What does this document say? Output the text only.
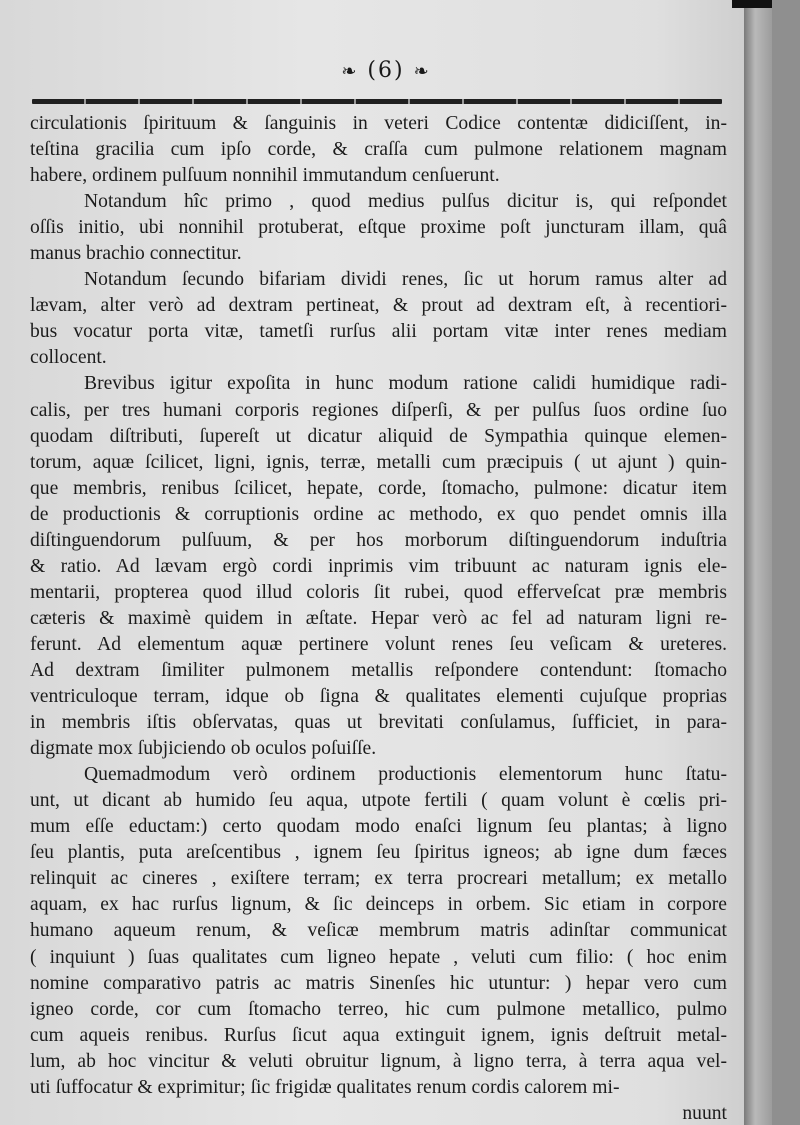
❧ (6) ❧
circulationis ſpirituum & ſanguinis in veteri Codice contentæ didiciſſent, in-
teſtina gracilia cum ipſo corde, & craſſa cum pulmone relationem magnam
habere, ordinem pulſuum nonnihil immutandum cenſuerunt.
Notandum hîc primo , quod medius pulſus dicitur is, qui reſpondet
oſſis initio, ubi nonnihil protuberat, eſtque proxime poſt juncturam illam, quâ
manus brachio connectitur.
Notandum ſecundo bifariam dividi renes, ſic ut horum ramus alter ad
lævam, alter verò ad dextram pertineat, & prout ad dextram eſt, à recentiori-
bus vocatur porta vitæ, tametſi rurſus alii portam vitæ inter renes mediam
collocent.
Brevibus igitur expoſita in hunc modum ratione calidi humidique radi-
calis, per tres humani corporis regiones diſperſi, & per pulſus ſuos ordine ſuo
quodam diſtributi, ſupereſt ut dicatur aliquid de Sympathia quinque elemen-
torum, aquæ ſcilicet, ligni, ignis, terræ, metalli cum præcipuis ( ut ajunt ) quin-
que membris, renibus ſcilicet, hepate, corde, ſtomacho, pulmone: dicatur item
de productionis & corruptionis ordine ac methodo, ex quo pendet omnis illa
diſtinguendorum pulſuum, & per hos morborum diſtinguendorum induſtria
& ratio. Ad lævam ergò cordi inprimis vim tribuunt ac naturam ignis ele-
mentarii, propterea quod illud coloris ſit rubei, quod efferveſcat præ membris
cæteris & maximè quidem in æſtate. Hepar verò ac fel ad naturam ligni re-
ferunt. Ad elementum aquæ pertinere volunt renes ſeu veſicam & ureteres.
Ad dextram ſimiliter pulmonem metallis reſpondere contendunt: ſtomacho
ventriculoque terram, idque ob ſigna & qualitates elementi cujuſque proprias
in membris iſtis obſervatas, quas ut brevitati conſulamus, ſufficiet, in para-
digmate mox ſubjiciendo ob oculos poſuiſſe.
Quemadmodum verò ordinem productionis elementorum hunc ſtatu-
unt, ut dicant ab humido ſeu aqua, utpote fertili ( quam volunt è cœlis pri-
mum eſſe eductam:) certo quodam modo enaſci lignum ſeu plantas; à ligno
ſeu plantis, puta areſcentibus , ignem ſeu ſpiritus igneos; ab igne dum fæces
relinquit ac cineres , exiſtere terram; ex terra procreari metallum; ex metallo
aquam, ex hac rurſus lignum, & ſic deinceps in orbem. Sic etiam in corpore
humano aqueum renum, & veſicæ membrum matris adinſtar communicat
( inquiunt ) ſuas qualitates cum ligneo hepate , veluti cum filio: ( hoc enim
nomine comparativo patris ac matris Sinenſes hic utuntur: ) hepar vero cum
igneo corde, cor cum ſtomacho terreo, hic cum pulmone metallico, pulmo
cum aqueis renibus. Rurſus ſicut aqua extinguit ignem, ignis deſtruit metal-
lum, ab hoc vincitur & veluti obruitur lignum, à ligno terra, à terra aqua vel-
uti ſuffocatur & exprimitur; ſic frigidæ qualitates renum cordis calorem mi-
nuunt
